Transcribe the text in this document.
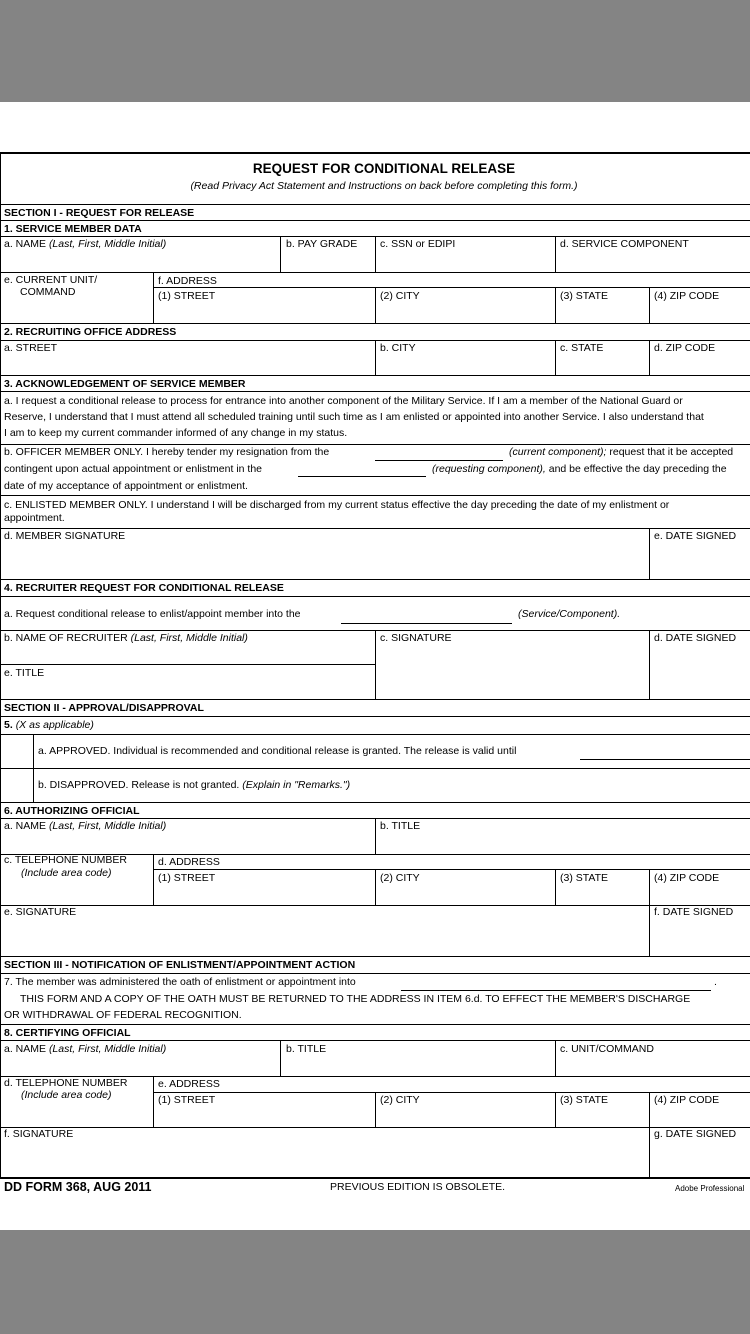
REQUEST FOR CONDITIONAL RELEASE
(Read Privacy Act Statement and Instructions on back before completing this form.)
SECTION I - REQUEST FOR RELEASE
1. SERVICE MEMBER DATA
a. NAME (Last, First, Middle Initial)	b. PAY GRADE c. SSN or EDIPI	d. SERVICE COMPONENT
e. CURRENT UNIT/
COMMAND
f. ADDRESS
(1) STREET	(2) CITY	(3) STATE	(4) ZIP CODE
2. RECRUITING OFFICE ADDRESS
a. STREET	b. CITY	c. STATE	d. ZIP CODE
3. ACKNOWLEDGEMENT OF SERVICE MEMBER
a. I request a conditional release to process for entrance into another component of the Military Service. If I am a member of the National Guard or
Reserve, I understand that I must attend all scheduled training until such time as I am enlisted or appointed into another Service. I also understand that
I am to keep my current commander informed of any change in my status.
b. OFFICER MEMBER ONLY. I hereby tender my resignation from the	(current component); request that it be accepted
contingent upon actual appointment or enlistment in the	(requesting component), and be effective the day preceding the
date of my acceptance of appointment or enlistment.
c. ENLISTED MEMBER ONLY. I understand I will be discharged from my current status effective the day preceding the date of my enlistment or
appointment.
d. MEMBER SIGNATURE	e. DATE SIGNED
4. RECRUITER REQUEST FOR CONDITIONAL RELEASE
a. Request conditional release to enlist/appoint member into the	(Service/Component).
b. NAME OF RECRUITER (Last, First, Middle Initial)	c. SIGNATURE	d. DATE SIGNED
e. TITLE
SECTION II - APPROVAL/DISAPPROVAL
5. (X as applicable)
a. APPROVED. Individual is recommended and conditional release is granted. The release is valid until
b. DISAPPROVED. Release is not granted. (Explain in "Remarks.")
6. AUTHORIZING OFFICIAL
a. NAME (Last, First, Middle Initial)	b. TITLE
c. TELEPHONE NUMBER
(Include area code)
d. ADDRESS
(1) STREET	(2) CITY	(3) STATE	(4) ZIP CODE
e. SIGNATURE	f. DATE SIGNED
SECTION III - NOTIFICATION OF ENLISTMENT/APPOINTMENT ACTION
7. The member was administered the oath of enlistment or appointment into	.
THIS FORM AND A COPY OF THE OATH MUST BE RETURNED TO THE ADDRESS IN ITEM 6.d. TO EFFECT THE MEMBER'S DISCHARGE
OR WITHDRAWAL OF FEDERAL RECOGNITION.
8. CERTIFYING OFFICIAL
a. NAME (Last, First, Middle Initial)	b. TITLE	c. UNIT/COMMAND
d. TELEPHONE NUMBER
(Include area code)
e. ADDRESS
(1) STREET	(2) CITY	(3) STATE	(4) ZIP CODE
f. SIGNATURE	g. DATE SIGNED
DD FORM 368, AUG 2011	PREVIOUS EDITION IS OBSOLETE.	Adobe Professional
